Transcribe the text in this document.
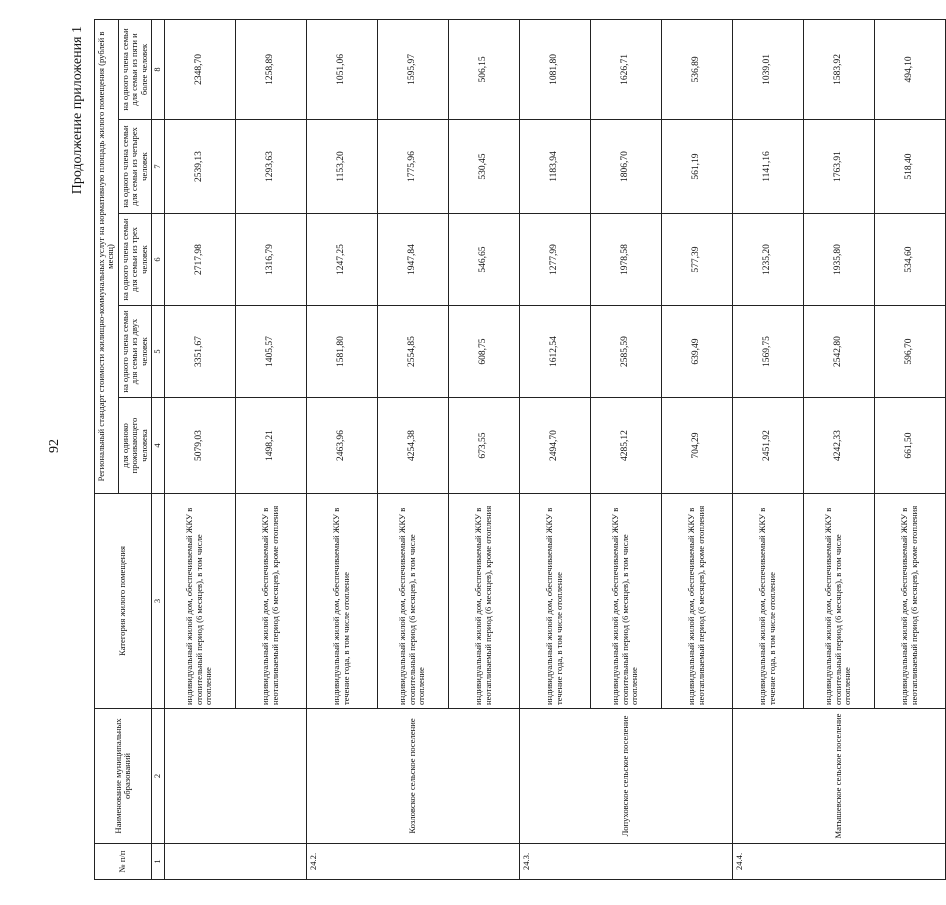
92
Продолжение приложения 1
№ п/п	Наименование муниципальных образований	Категория жилого помещения	Региональный стандарт стоимости жилищно-коммунальных услуг на нормативную площадь жилого помещения (рублей в месяц)				
			для одиноко проживающего человека	на одного члена семьи для семьи из двух человек	на одного члена семьи для семьи из трех человек	на одного члена семьи для семьи из четырех человек	на одного члена семьи для семьи из пяти и более человек
1	2	3	4	5	6	7	8
		индивидуальный жилой дом, обеспечиваемый ЖКУ в отопительный период (6 месяцев), в том числе отопление	5079,03	3351,67	2717,98	2539,13	2348,70
		индивидуальный жилой дом, обеспечиваемый ЖКУ в неотапливаемый период (6 месяцев), кроме отопления	1498,21	1405,57	1316,79	1293,63	1258,89
24.2.	Козловское сельское поселение	индивидуальный жилой дом, обеспечиваемый ЖКУ в течение года, в том числе отопление	2463,96	1581,80	1247,25	1153,20	1051,06
		индивидуальный жилой дом, обеспечиваемый ЖКУ в отопительный период (6 месяцев), в том числе отопление	4254,38	2554,85	1947,84	1775,96	1595,97
		индивидуальный жилой дом, обеспечиваемый ЖКУ в неотапливаемый период (6 месяцев), кроме отопления	673,55	608,75	546,65	530,45	506,15
24.3.	Лопуховское сельское поселение	индивидуальный жилой дом, обеспечиваемый ЖКУ в течение года, в том числе отопление	2494,70	1612,54	1277,99	1183,94	1081,80
		индивидуальный жилой дом, обеспечиваемый ЖКУ в отопительный период (6 месяцев), в том числе отопление	4285,12	2585,59	1978,58	1806,70	1626,71
		индивидуальный жилой дом, обеспечиваемый ЖКУ в неотапливаемый период (6 месяцев), кроме отопления	704,29	639,49	577,39	561,19	536,89
24.4.	Матышевское сельское поселение	индивидуальный жилой дом, обеспечиваемый ЖКУ в течение года, в том числе отопление	2451,92	1569,75	1235,20	1141,16	1039,01
		индивидуальный жилой дом, обеспечиваемый ЖКУ в отопительный период (6 месяцев), в том числе отопление	4242,33	2542,80	1935,80	1763,91	1583,92
		индивидуальный жилой дом, обеспечиваемый ЖКУ в неотапливаемый период (6 месяцев), кроме отопления	661,50	596,70	534,60	518,40	494,10
